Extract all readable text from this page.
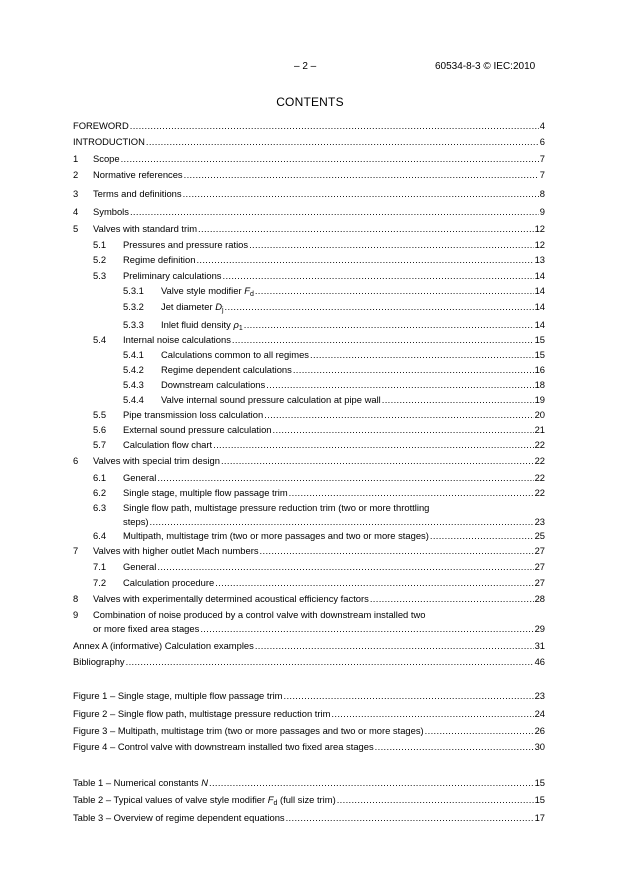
– 2 –	60534-8-3 © IEC:2010
CONTENTS
FOREWORD .....	4
INTRODUCTION .....	6
1 Scope .....	7
2 Normative references .....	7
3 Terms and definitions .....	8
4 Symbols .....	9
5 Valves with standard trim .....	12
5.1 Pressures and pressure ratios .....	12
5.2 Regime definition .....	13
5.3 Preliminary calculations .....	14
5.3.1 Valve style modifier $F_d$ .....	14
5.3.2 Jet diameter $D_j$ .....	14
5.3.3 Inlet fluid density $\rho_1$ .....	14
5.4 Internal noise calculations .....	15
5.4.1 Calculations common to all regimes .....	15
5.4.2 Regime dependent calculations .....	16
5.4.3 Downstream calculations .....	18
5.4.4 Valve internal sound pressure calculation at pipe wall .....	19
5.5 Pipe transmission loss calculation .....	20
5.6 External sound pressure calculation .....	21
5.7 Calculation flow chart .....	22
6 Valves with special trim design .....	22
6.1 General .....	22
6.2 Single stage, multiple flow passage trim .....	22
6.3 Single flow path, multistage pressure reduction trim (two or more throttling
steps) .....	23
6.4 Multipath, multistage trim (two or more passages and two or more stages) .....	25
7 Valves with higher outlet Mach numbers .....	27
7.1 General .....	27
7.2 Calculation procedure .....	27
8 Valves with experimentally determined acoustical efficiency factors .....	28
9 Combination of noise produced by a control valve with downstream installed two
or more fixed area stages .....	29
Annex A (informative) Calculation examples .....	31
Bibliography .....	46
Figure 1 – Single stage, multiple flow passage trim .....	23
Figure 2 – Single flow path, multistage pressure reduction trim .....	24
Figure 3 – Multipath, multistage trim (two or more passages and two or more stages) .....	26
Figure 4 – Control valve with downstream installed two fixed area stages .....	30
Table 1 – Numerical constants N .....	15
Table 2 – Typical values of valve style modifier $F_d$ (full size trim) .....	15
Table 3 – Overview of regime dependent equations .....	17
